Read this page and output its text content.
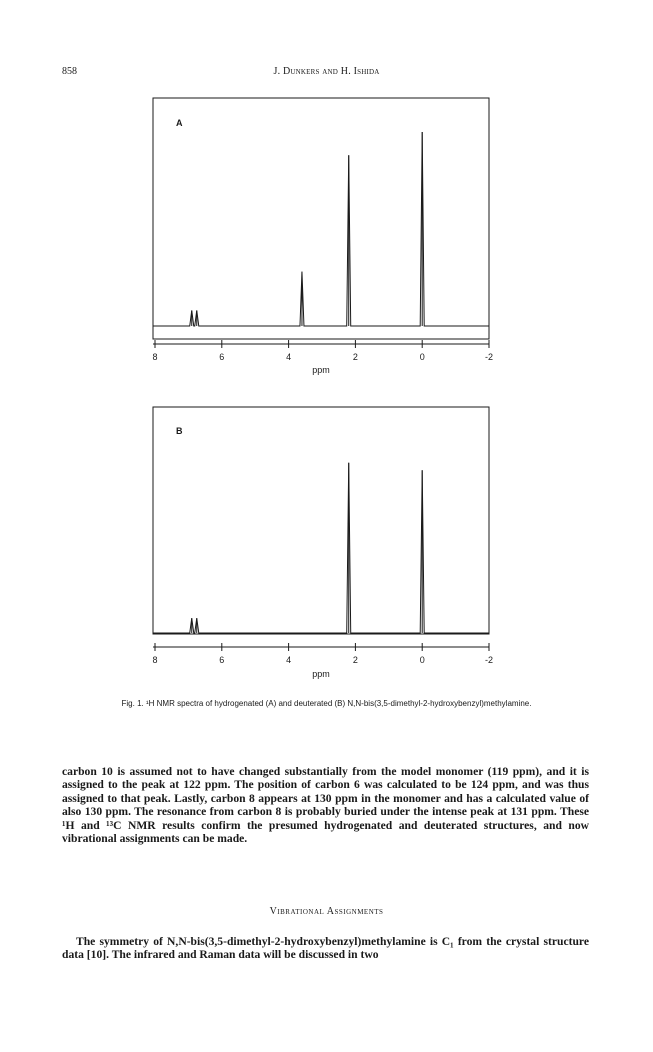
858	J. Dunkers and H. Ishida
A
8	6	4	2	0	-2
ppm
B
8	6	4	2	0	-2
ppm
Fig. 1. ¹H NMR spectra of hydrogenated (A) and deuterated (B) N,N-bis(3,5-dimethyl-2-hydroxybenzyl)methylamine.
carbon 10 is assumed not to have changed substantially from the model monomer (119 ppm), and it is assigned to the peak at 122 ppm. The position of carbon 6 was calculated to be 124 ppm, and was thus assigned to that peak. Lastly, carbon 8 appears at 130 ppm in the monomer and has a calculated value of also 130 ppm. The resonance from carbon 8 is probably buried under the intense peak at 131 ppm. These ¹H and ¹³C NMR results confirm the presumed hydrogenated and deuterated structures, and now vibrational assignments can be made.
Vibrational Assignments
The symmetry of N,N-bis(3,5-dimethyl-2-hydroxybenzyl)methylamine is C₁ from the crystal structure data [10]. The infrared and Raman data will be discussed in two
